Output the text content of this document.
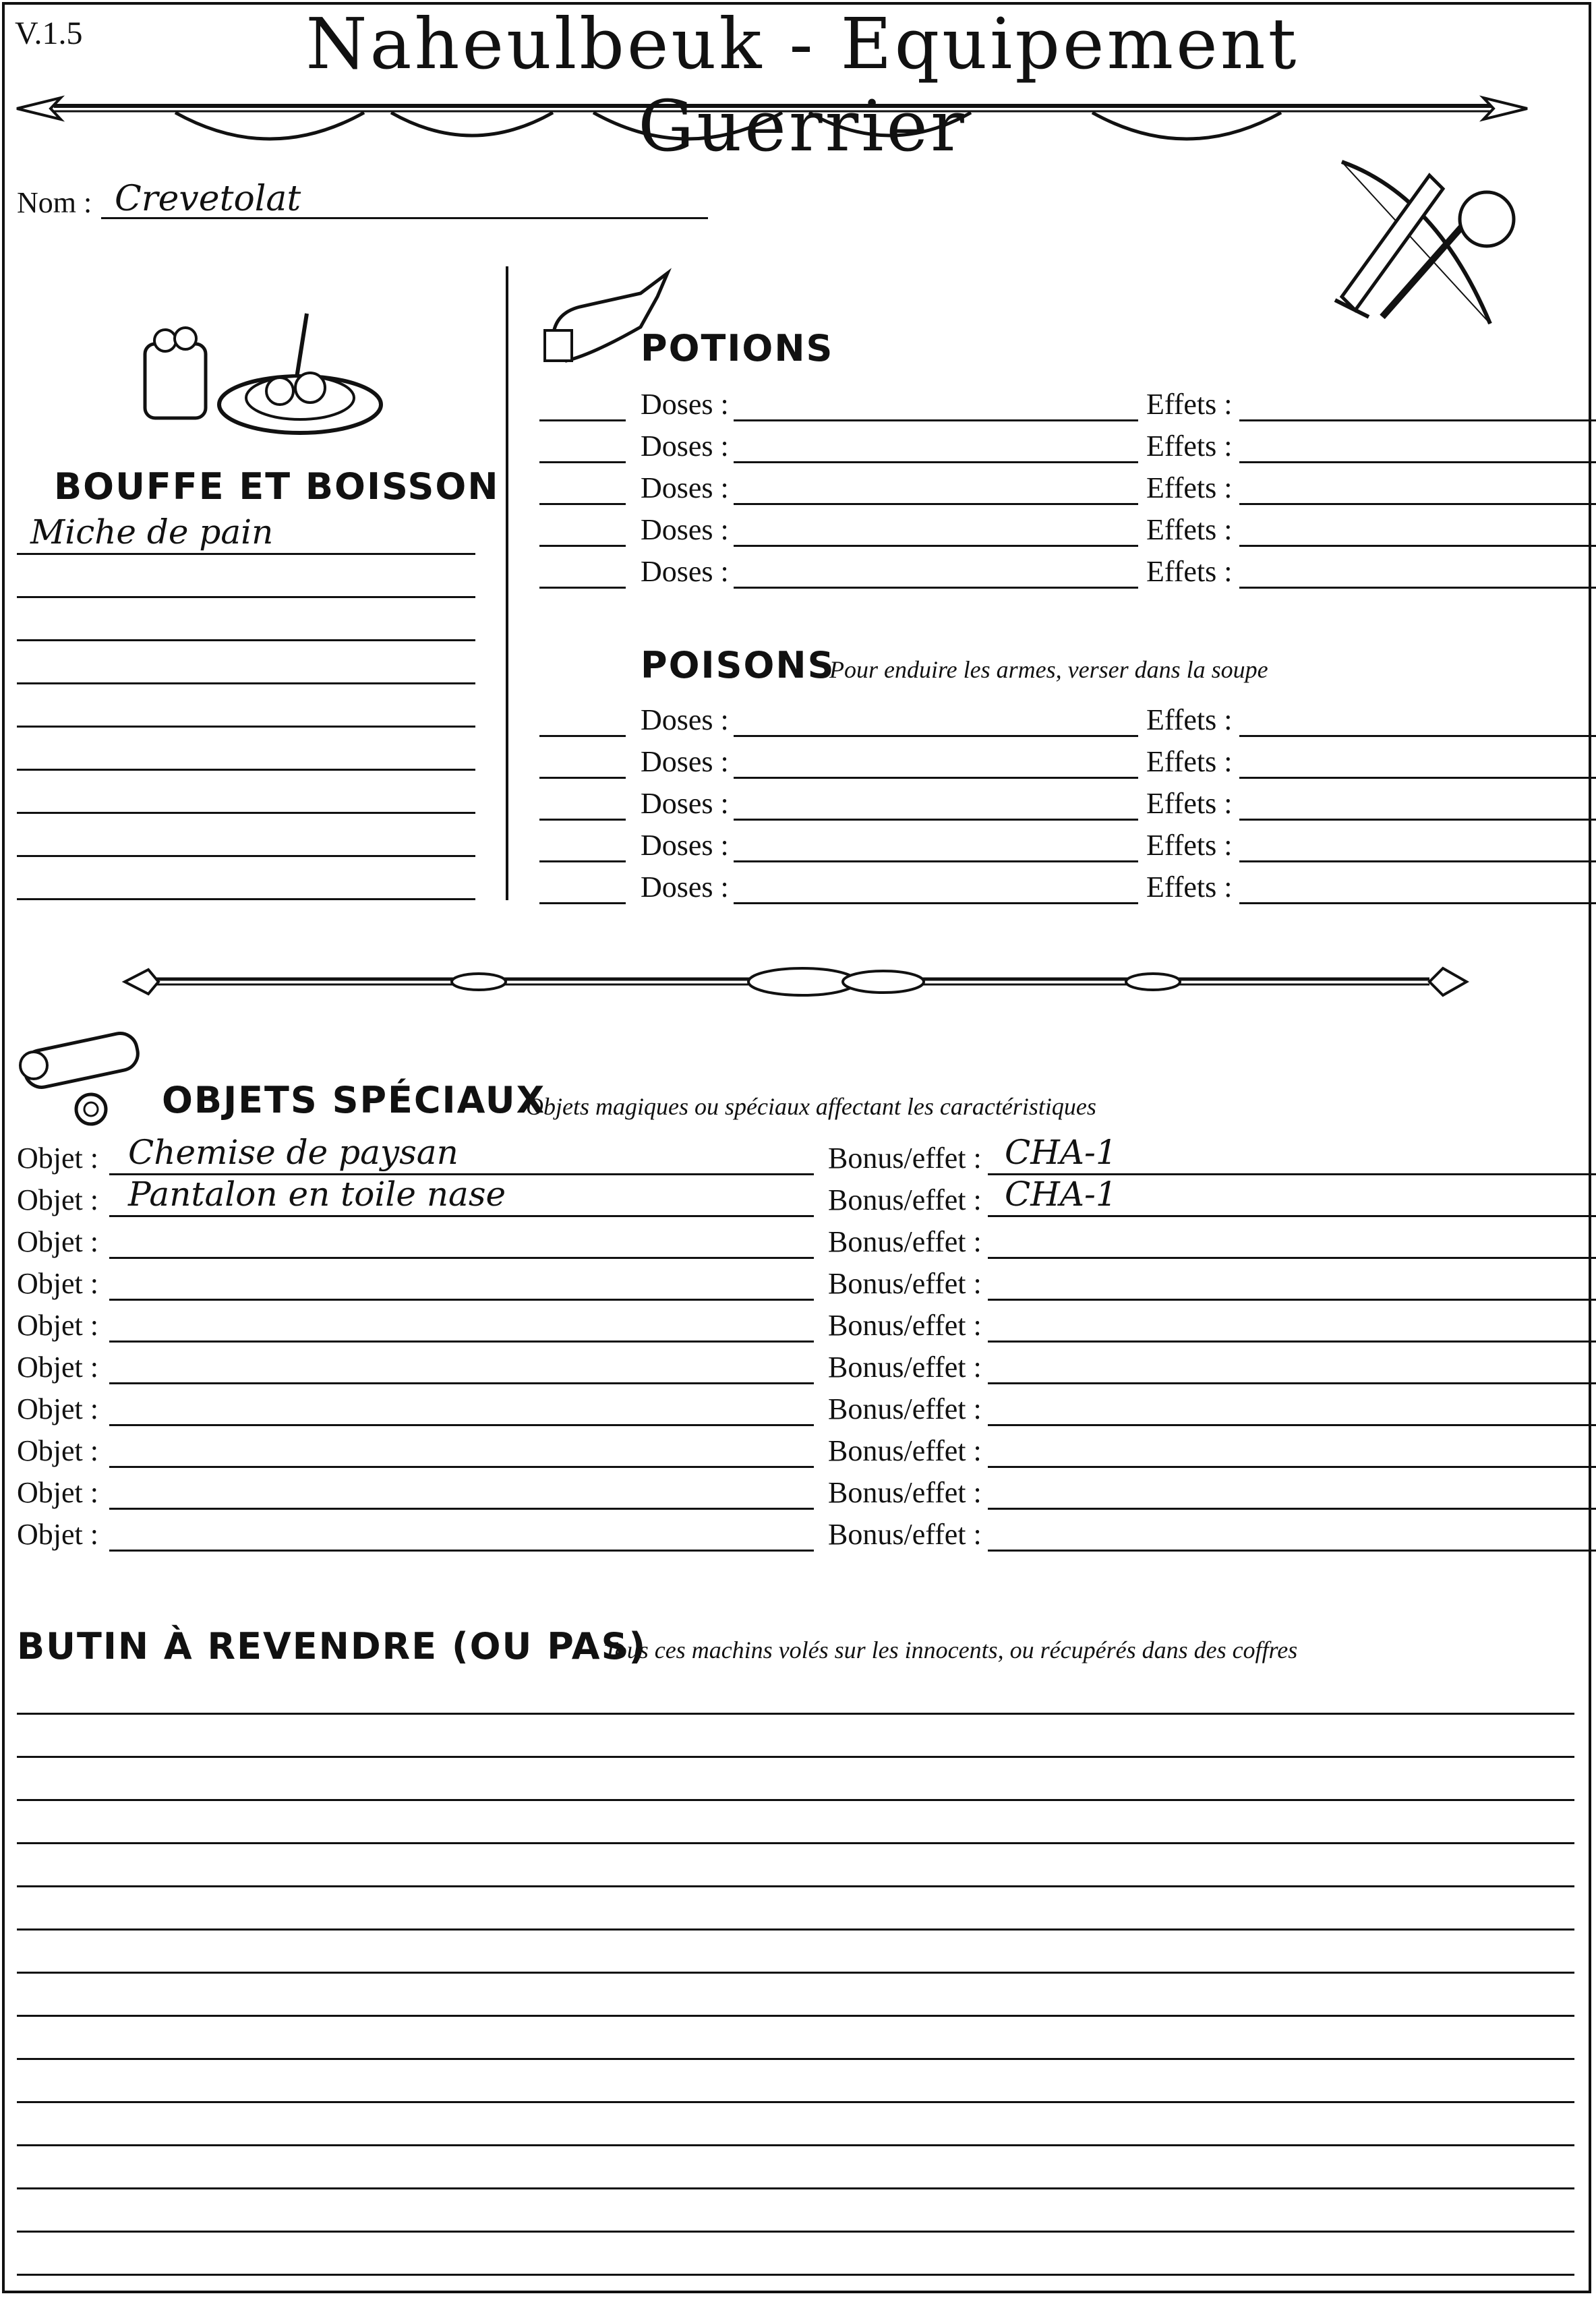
V.1.5	Naheulbeuk - Equipement Guerrier
Nom : Crevetolat
BOUFFE ET BOISSON
Miche de pain
POTIONS
Doses :	Effets :
Doses :	Effets :
Doses :	Effets :
Doses :	Effets :
Doses :	Effets :
POISONS
Pour enduire les armes, verser dans la soupe
Doses :	Effets :
Doses :	Effets :
Doses :	Effets :
Doses :	Effets :
Doses :	Effets :
OBJETS SPÉCIAUX
Objets magiques ou spéciaux affectant les caractéristiques
Objet : Chemise de paysan	Bonus/effet : CHA-1
Objet : Pantalon en toile nase	Bonus/effet : CHA-1
Objet :	Bonus/effet :
Objet :	Bonus/effet :
Objet :	Bonus/effet :
Objet :	Bonus/effet :
Objet :	Bonus/effet :
Objet :	Bonus/effet :
Objet :	Bonus/effet :
Objet :	Bonus/effet :
BUTIN À REVENDRE (OU PAS)
Tous ces machins volés sur les innocents, ou récupérés dans des coffres
